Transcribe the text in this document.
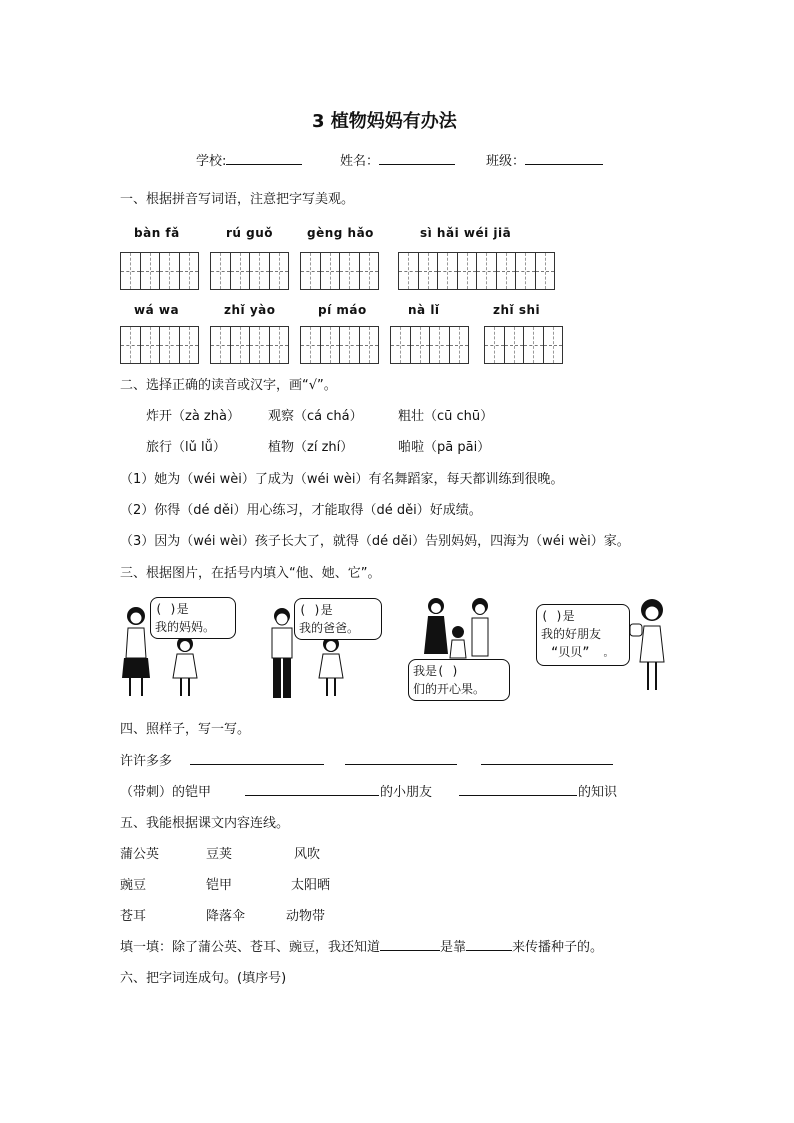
3 植物妈妈有办法
学校:	姓名：	班级：
一、根据拼音写词语，注意把字写美观。
bàn fǎ	rú guǒ	gèng hǎo	sì hǎi wéi jiā
wá wa	zhǐ yào	pí máo	nà lǐ	zhǐ shi
二、选择正确的读音或汉字，画“√”。
炸开（zà zhà） 观察（cá chá）	粗壮（cū chū）
旅行（lǔ lǚ）	植物（zí zhí）	啪啦（pā pāi）
（1）她为（wéi wèi）了成为（wéi wèi）有名舞蹈家，每天都训练到很晚。
（2）你得（dé děi）用心练习，才能取得（dé děi）好成绩。
（3）因为（wéi wèi）孩子长大了，就得（dé děi）告别妈妈，四海为（wéi wèi）家。
三、根据图片，在括号内填入“他、她、它”。
( )是
我的妈妈。
( )是
我的爸爸。
我是( )
们的开心果。
( )是
我的好朋友
“贝贝” 。
四、照样子，写一写。
许许多多
（带刺）的铠甲	的小朋友	的知识
五、我能根据课文内容连线。
蒲公英	豆荚	风吹
豌豆	铠甲	太阳晒
苍耳	降落伞	动物带
填一填：除了蒲公英、苍耳、豌豆，我还知道	是靠	来传播种子的。
六、把字词连成句。(填序号)
